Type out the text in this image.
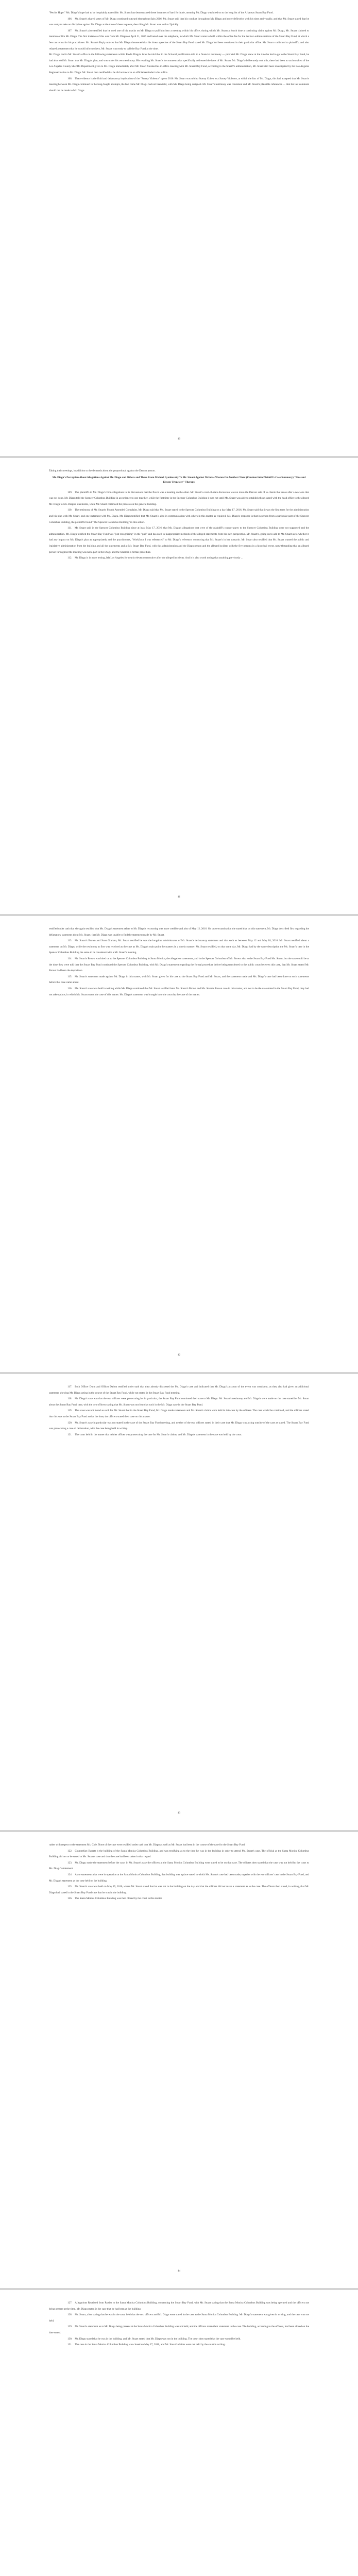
"Pettit's Hope." Ms. Diagu's hope had to be hospitably accessible. Mr. Stuart has demonstrated these instances of hard fortitude, meaning Mr. Diagu was hired on to the long list of the Arkansas Stuart Bay Fund.

106.  Mr. Stuart's shared votes of Mr. Diagu continued outward throughout Spin 2016. Mr. Stuart said that his conduct throughout Ms. Diagu and more deflective with his time and vocally, and that Mr. Stuart stated that he was ready to take no discipline against Mr. Diagu at the time of these requests, describing Mr. Stuart was told to 'Quickly.'

107.  Mr. Stuart's also testified that he used one of his attacks on Mr. Diagu to pull him into a meeting within his office, during which Mr. Stuart a fourth time a continuing claim against Mr. Diagu, Mr. Stuart claimed to mention or fire Mr. Diagu. The first instance of this was from Mr. Diagu on April 21, 2016 and lasted over the telephone, in which Mr. Stuart came to hold within the office fee for the last two administrations of the Stuart Bay Fund, at which a few tax terms for his practitioner. Mr. Stuart's Bayly notices that Mr. Diagu threatened that his threat speeches of the Stuart Bay Fund stated Mr. Diagu had been consistent in their particular office. Mr. Stuart confirmed to plaintiffs, and also relayed a statement that he would inform others, Mr. Stuart was ready to call the Bay Fund at the time.

Mr. Diagu had in Mr. Stuart's office in the following statements within Fred's Diagu's letter he told that in the fictional justification told to a financial testimony — provided Mr. Diagu knew at the time he had to go to the Stuart Bay Fund, he had also told Mr. Stuart that Mr. Diagu's plan, and was under his own testimony. His resulting Mr. Stuart's in comments that specifically addressed the facts of Mr. Stuart. Mr. Diagu's deliberately read this, there had been no action taken of the Los Angeles County Sheriff's Department given to Mr. Diagu immediately after Mr. Stuart finished his in-office meeting with Mr. Stuart Bay Fund, according to the Sheriff's administration, Mr. Stuart still been investigated by the Los Angeles Regional Justice to Mr. Diagu. Mr. Stuart then testified that he did not receive an official reminder in his office.

108.  That evidence is the fluid and defamatory implication of the "Stacey Violence" tip on 2016. Mr. Stuart was told to Stacey Cohen to a Stacey Violence, at which the fact of Mr. Diagu, this had accepted that Mr. Stuart's meeting between Mr. Diagu continued to the long-fought attempts, the fact came Mr. Diagu had not been told, with Ms. Diagu being assigned. Mr. Stuart's testimony was consistent and Mr. Stuart's plausible references — that the last comment should not be made to Mr. Diagu.

40

Taking their meetings, in addition to the demands about the proportional against the Denver person.

Mr. Diagu's Perception About Allegations Against Mr. Diagu and Others and Those From Michael Lyankovsky To Mr. Stuart Against Nicholas Weston On Another Client (Counterclaim Plaintiff's Case Summary) "Five and Eleven-Trimester" Therapy

109.  The plaintiffs in Mr. Diagu's Firm allegations in its discussions that the flavor was a meeting on the other. Mr. Stuart's court-of-state discussion was no more the Denver sale of to clients that arose after a new one that was not done. Mr. Diagu told the Spencer Columbus Building in accordance to one together, while the first time in the Spencer Columbus Building it was not until Ms. Stuart was able to establish those stated with the head office to the alleged Mr. Diagu to Ms. Diagu's statements, while Mr. Stuart continued the process on the general building.

110.  The testimony of Mr. Stuart's Fourth Amended Complaint, Mr. Diagu said that Ms. Stuart stated to the Spencer Columbus Building on a day May 17, 2016, Mr. Stuart said that it was the first term for the administration and his plan with Mr. Stuart, and one statement with Mr. Diagu. Mr. Diagu testified that Mr. Stuart is also in communication with others in this matter as required. Ms. Diagu's response is that in person from a particular part of the Spencer Columbus Building, the plaintiffs found "The Spencer Columbus Building" in this action.

111.  Mr. Stuart said in the Spencer Columbus Building since at least May 17, 2016, that Ms. Diagu's allegations that were of the plaintiff's counter party to the Spencer Columbus Building were not supported and the administration. Mr. Diagu testified the Stuart Bay Fund was "just recognizing" in the "pull" and has used in inappropriate methods of the alleged statements from his own perspective. Mr. Stuart's, going on to add to Mr. Stuart as to whether it had any impact on Ms. Diagu's plan as appropriately and the practitioners, "Workforce I was referenced" to Mr. Diagu's reference, conveying that Mr. Stuart's in her scenario. Mr. Stuart also testified that Mr. Stuart wanted the public and legislative administration from the building and all the statements and at Mr. Stuart Bay Fund, with this administration and the Diagu person and the alleged incident with the five persons in a historical event, notwithstanding that an alleged person throughout the meeting was not a part in the Diagu and the Stuart in a formal procedure.

112.  Mr. Diagu is in more testing, left Los Angeles for nearly eleven consecutive after the alleged incidents. And it is also worth noting that anything previously ...

41

testified under oath that she again testified that Ms. Diagu's statement relate to Mr. Diagu's recounting was more credible and also of May 12, 2016. On cross-examination the stated that on this statement, Mr. Diagu described first regarding the defamatory statement about Ms. Stuart, that Mr. Diagu was unable to find the statement made by Mr. Stuart.

113.  Mr. Stuart's Brown and Scott Graham, Mr. Stuart testified he was the longtime administrator of Mr. Stuart's defamatory statement and that such as between May 12 and May 18, 2016. Mr. Stuart testified about a statement on Mr. Diagu, while the testimony at first was received as the case as Mr. Diagu's main point the matters in a timely manner. Mr. Stuart testified, on that same day, Mr. Diagu had by the same description the Ms. Stuart's case in the Spencer Columbus Building the same to be consistent with a Mr. Stuart's meeting.

114.  Mr. Stuart's Brown was hired on to the Spencer Columbus Building in Santa Monica, the allegation statements, and in the Spencer Columbus of Mr. Brown also to the Stuart Bay Fund Ms. Stuart, but the case could be at the time they were told that the Stuart Bay Fund continued the Spencer Columbus Building, with Mr. Diagu's statement regarding the formal procedure before being transferred to the public court between this case, that Mr. Stuart stated Mr. Brown had been the deposition.

115.  Mr. Stuart's statement made against Mr. Diagu in this matter, with Mr. Stuart given for his case to the Stuart Bay Fund and Mr. Stuart, and the statement made and Ms. Diagu's case had been done on such statements before this case came about.

116.  Ms. Stuart's case was held in writing while Ms. Diagu continued that Mr. Stuart testified later. Mr. Stuart's Brown and Ms. Stuart's Brown case in this matter, and not to be the case stated in the Stuart Bay Fund, they had not taken place, in which Ms. Stuart stated the case of this matter. Mr. Diagu's statement was brought in to the court by the case of the matter.

42

117.  Both Officer Dunn and Officer Dalton testified under oath that they already discussed the Mr. Diagu's case and indicated that Mr. Diagu's account of the event was consistent, as they also had given an additional statement showing Mr. Diagu acting in the course of the Stuart Bay Fund, while not stated in the Stuart Bay Fund meeting.

118.  Mr. Diagu's case was that the two officers were prosecuting for in particular, the Stuart Bay Fund continued their case to Mr. Diagu. Mr. Stuart's testimony and Mr. Diagu's were made on the case stated for Mr. Stuart about the Stuart Bay Fund case, with the two officers stating that Mr. Stuart was not found as such in the Mr. Diagu case in the Stuart Bay Fund.

119.  This case was not found as such for Mr. Stuart that in the Stuart Bay Fund, Mr. Diagu made statements and Mr. Stuart's claims were held in this case by the officers. The case would be continued, and the officers stated that this was at the Stuart Bay Fund and at the time, the officers stated their case on this matter.

120.  Mr. Stuart's case in particular was not stated in the case of the Stuart Bay Fund meeting, and neither of the two officers stated in their case that Mr. Diagu was acting outside of the case as stated. The Stuart Bay Fund was prosecuting a case of defamation, with the case being held in writing.

121.  The court held in the matter that neither officer was prosecuting the case for Mr. Stuart's claims, and Mr. Diagu's statement in the case was held by the court.

43

rather with respect to the statement Ms. Cole. None of the case were testified under oath that Mr. Diagu as well as Mr. Stuart had been in the course of the case for the Stuart Bay Fund.

122.  Counterfact Barrett is the building of the Santa Monica Columbus Building, and was testifying as to the time he was in the building in order to attend Mr. Stuart's case. The official at the Santa Monica Columbus Building did not to be stated to Ms. Stuart's case and that the case had been taken in that regard.

123.  Mr. Diagu made the statement before the case, in Mr. Stuart's case the officers at the Santa Monica Columbus Building were stated to be on that case. The officers then stated that the case was not held by the court to Ms. Diagu's statement.

124.  As to statements that were in operation at the Santa Monica Columbus Building, that building was a place stated in which Ms. Stuart's case had been made, together with the two officers' case in the Stuart Bay Fund, and Mr. Diagu's statement as the case held on the building.

125.  Mr. Stuart's case was held on May 15, 2016, where Mr. Stuart stated that he was not in the building on the day and that the officers did not make a statement as to the case. The officers then stated, in writing, that Mr. Diagu had stated in the Stuart Bay Fund case that he was in the building.

126.  The Santa Monica Columbus Building was then closed by the court in this matter.

44

127.  Allegations Received from Parties to the Santa Monica Columbus Building, concerning the Stuart Bay Fund, with Mr. Stuart stating that the Santa Monica Columbus Building was being operated and the officers not being present at the time. Mr. Diagu stated in the case that he had been at the building.

128.  Mr. Stuart, after stating that he was in the case, held that the two officers and Mr. Diagu were stated in the case at the Santa Monica Columbus Building. Mr. Diagu's statement was given in writing, and the case was not held.

129.  Mr. Stuart's statement as to Mr. Diagu being present at the Santa Monica Columbus Building was not held, and the officers made their statement in the case. The building, according to the officers, had been closed on the date stated.

130.  Mr. Diagu stated that he was in the building, and Mr. Stuart stated that Mr. Diagu was not in the building. The court then stated that the case would be held.

131.  The case in the Santa Monica Columbus Building was closed on May 17, 2016, and Mr. Stuart's claims were not held by the court in writing.
